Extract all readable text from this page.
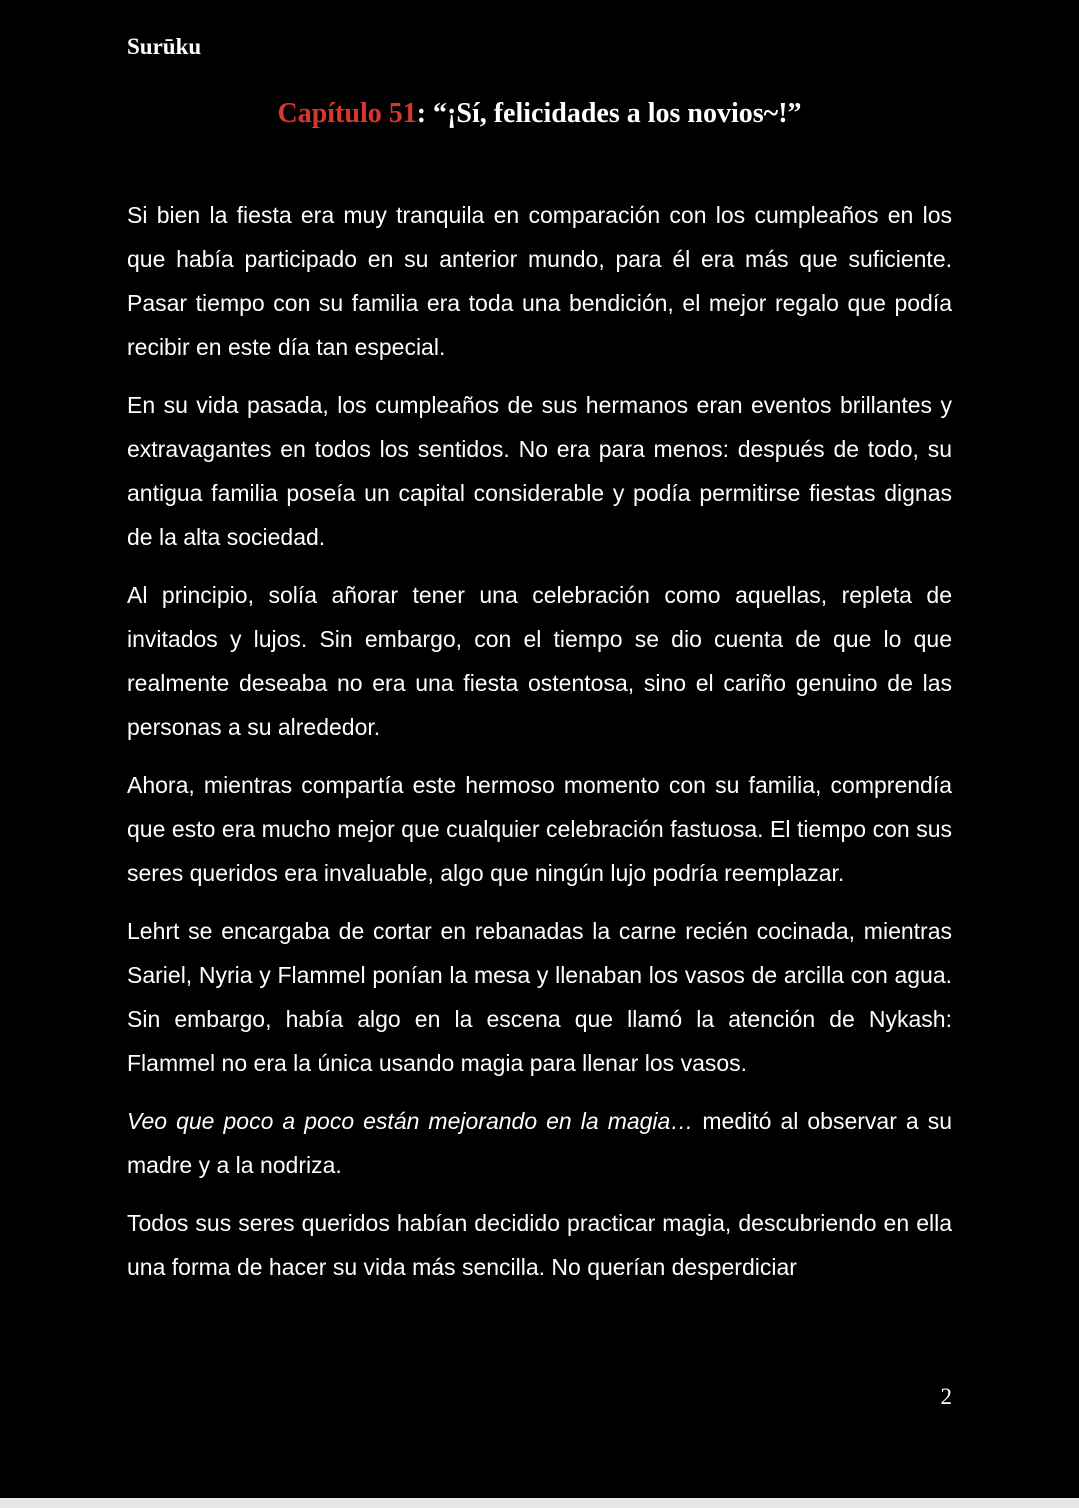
Surūku
Capítulo 51: “¡Sí, felicidades a los novios~!”

Si bien la fiesta era muy tranquila en comparación con los cumpleaños en los que había participado en su anterior mundo, para él era más que suficiente. Pasar tiempo con su familia era toda una bendición, el mejor regalo que podía recibir en este día tan especial.

En su vida pasada, los cumpleaños de sus hermanos eran eventos brillantes y extravagantes en todos los sentidos. No era para menos: después de todo, su antigua familia poseía un capital considerable y podía permitirse fiestas dignas de la alta sociedad.

Al principio, solía añorar tener una celebración como aquellas, repleta de invitados y lujos. Sin embargo, con el tiempo se dio cuenta de que lo que realmente deseaba no era una fiesta ostentosa, sino el cariño genuino de las personas a su alrededor.

Ahora, mientras compartía este hermoso momento con su familia, comprendía que esto era mucho mejor que cualquier celebración fastuosa. El tiempo con sus seres queridos era invaluable, algo que ningún lujo podría reemplazar.

Lehrt se encargaba de cortar en rebanadas la carne recién cocinada, mientras Sariel, Nyria y Flammel ponían la mesa y llenaban los vasos de arcilla con agua. Sin embargo, había algo en la escena que llamó la atención de Nykash: Flammel no era la única usando magia para llenar los vasos.

Veo que poco a poco están mejorando en la magia… meditó al observar a su madre y a la nodriza.

Todos sus seres queridos habían decidido practicar magia, descubriendo en ella una forma de hacer su vida más sencilla. No querían desperdiciar

2
